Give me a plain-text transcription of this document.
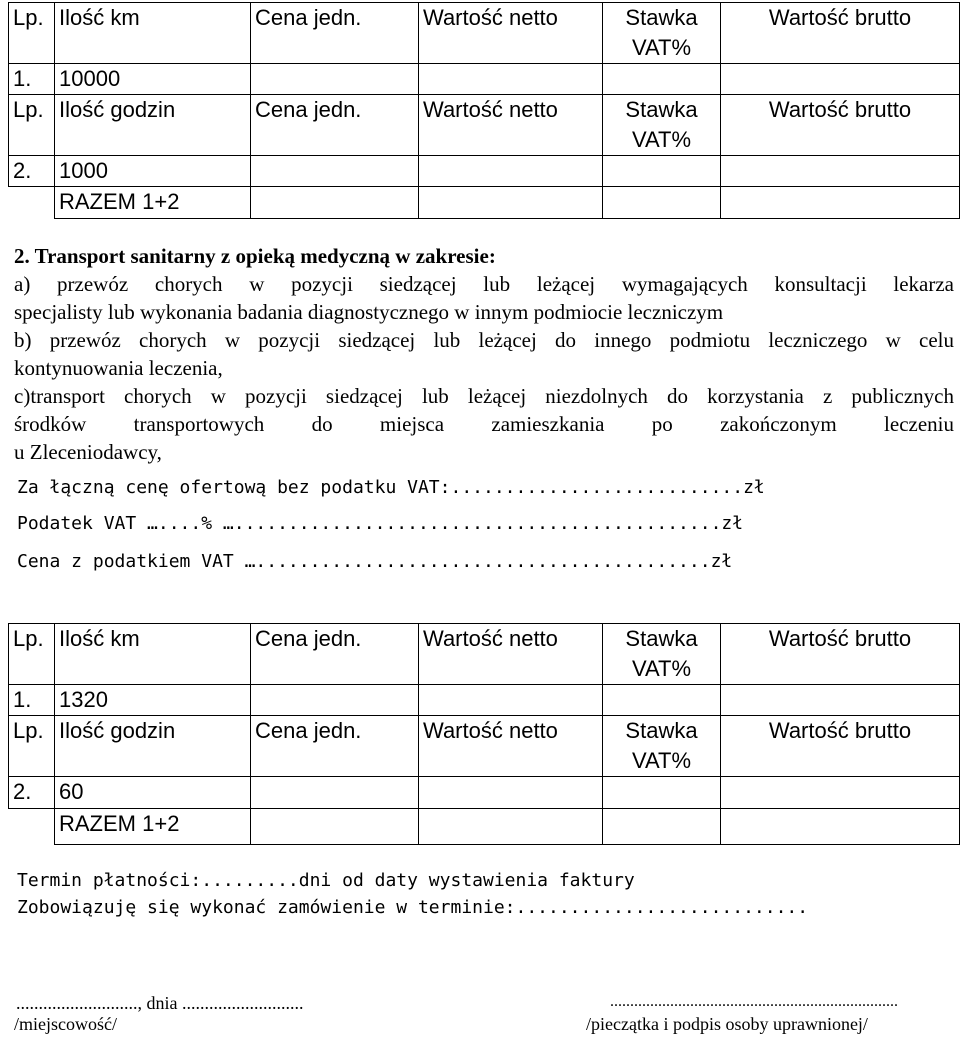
Lp.	Ilość km	Cena jedn.	Wartość netto	Stawka VAT%	Wartość brutto
1.	10000				
Lp.	Ilość godzin	Cena jedn.	Wartość netto	Stawka VAT%	Wartość brutto
2.	1000				
	RAZEM 1+2				

2. Transport sanitarny z opieką medyczną w zakresie:

a) przewóz chorych w pozycji siedzącej lub leżącej wymagających konsultacji lekarza

specjalisty lub wykonania badania diagnostycznego w innym podmiocie leczniczym

b) przewóz chorych w pozycji siedzącej lub leżącej do innego podmiotu leczniczego w celu

kontynuowania leczenia,

c)transport chorych w pozycji siedzącej lub leżącej niezdolnych do korzystania z publicznych

środków transportowych do miejsca zamieszkania po zakończonym leczeniu

u Zleceniodawcy,

Za łączną cenę ofertową bez podatku VAT:...........................zł
Podatek VAT …....% ….............................................zł
Cena z podatkiem VAT …..........................................zł
Lp.	Ilość km	Cena jedn.	Wartość netto	Stawka VAT%	Wartość brutto
1.	1320				
Lp.	Ilość godzin	Cena jedn.	Wartość netto	Stawka VAT%	Wartość brutto
2.	60				
	RAZEM 1+2				
Termin płatności:.........dni od daty wystawienia faktury
Zobowiązuję się wykonać zamówienie w terminie:...........................
..........................., dnia ...........................
/miejscowość/
........................................................................
/pieczątka i podpis osoby uprawnionej/
